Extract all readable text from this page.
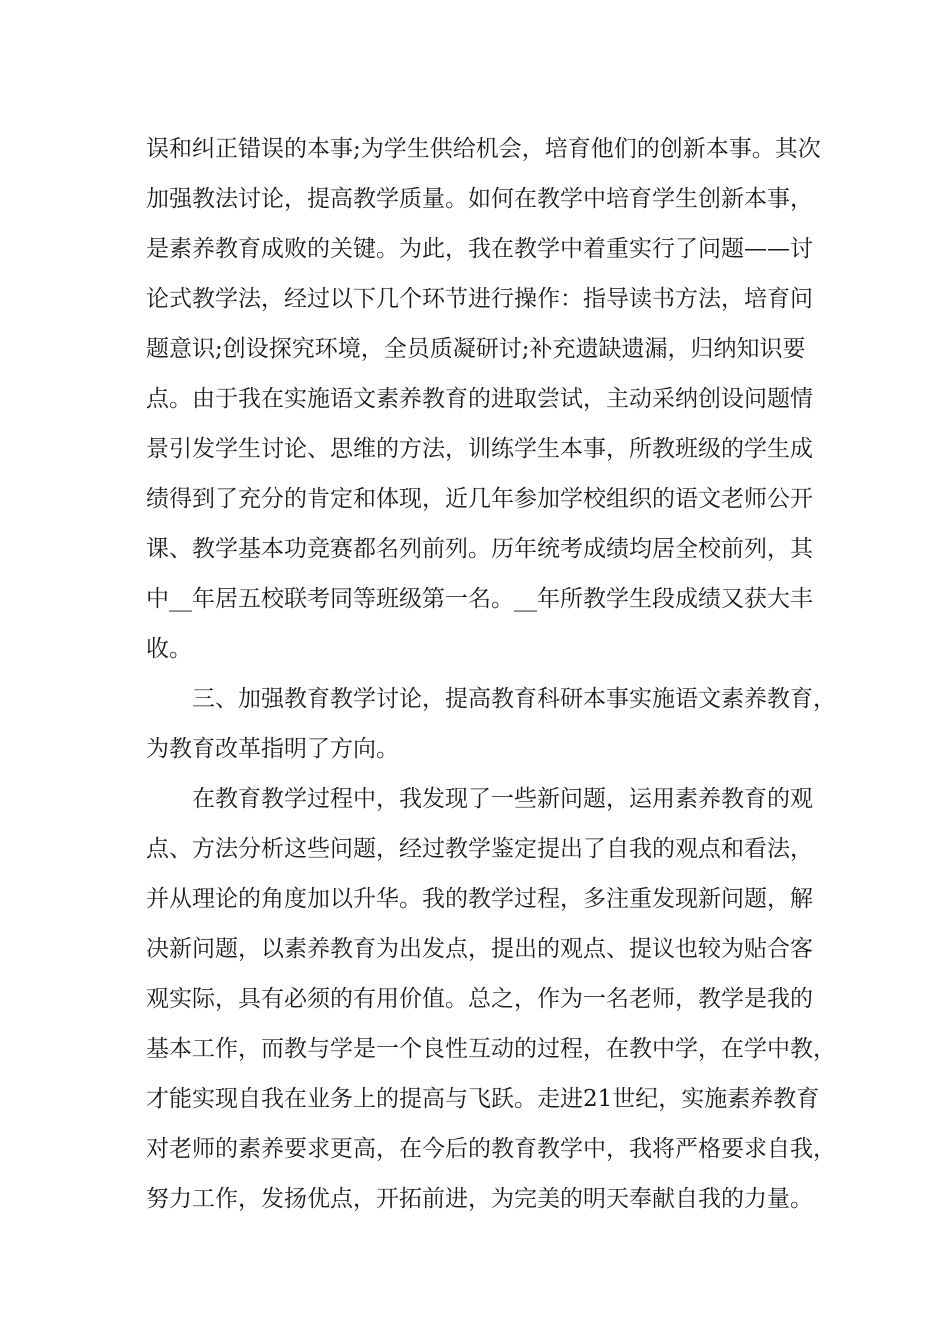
误和纠正错误的本事;为学生供给机会，培育他们的创新本事。其次
加强教法讨论，提高教学质量。如何在教学中培育学生创新本事，
是素养教育成败的关键。为此，我在教学中着重实行了问题——讨
论式教学法，经过以下几个环节进行操作：指导读书方法，培育问
题意识;创设探究环境，全员质凝研讨;补充遗缺遗漏，归纳知识要
点。由于我在实施语文素养教育的进取尝试，主动采纳创设问题情
景引发学生讨论、思维的方法，训练学生本事，所教班级的学生成
绩得到了充分的肯定和体现，近几年参加学校组织的语文老师公开
课、教学基本功竞赛都名列前列。历年统考成绩均居全校前列，其
中__年居五校联考同等班级第一名。__年所教学生段成绩又获大丰
收。
三、加强教育教学讨论，提高教育科研本事实施语文素养教育，
为教育改革指明了方向。
在教育教学过程中，我发现了一些新问题，运用素养教育的观
点、方法分析这些问题，经过教学鉴定提出了自我的观点和看法，
并从理论的角度加以升华。我的教学过程，多注重发现新问题，解
决新问题，以素养教育为出发点，提出的观点、提议也较为贴合客
观实际，具有必须的有用价值。总之，作为一名老师，教学是我的
基本工作，而教与学是一个良性互动的过程，在教中学，在学中教，
才能实现自我在业务上的提高与飞跃。走进21世纪，实施素养教育
对老师的素养要求更高，在今后的教育教学中，我将严格要求自我，
努力工作，发扬优点，开拓前进，为完美的明天奉献自我的力量。
